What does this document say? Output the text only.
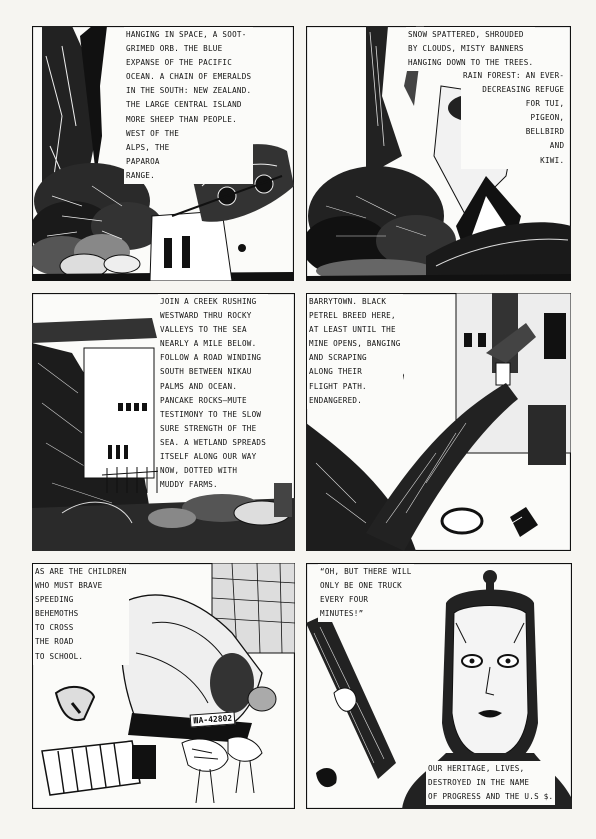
HANGING IN SPACE, A SOOT-
GRIMED ORB. THE BLUE
EXPANSE OF THE PACIFIC
OCEAN. A CHAIN OF EMERALDS
IN THE SOUTH: NEW ZEALAND.
THE LARGE CENTRAL ISLAND
MORE SHEEP THAN PEOPLE.
WEST OF THE
ALPS, THE
PAPAROA
RANGE.
SNOW SPATTERED, SHROUDED
BY CLOUDS, MISTY BANNERS
HANGING DOWN TO THE TREES.
RAIN FOREST: AN EVER-
DECREASING REFUGE
FOR TUI,
PIGEON,
BELLBIRD
AND
KIWI.
JOIN A CREEK RUSHING
WESTWARD THRU ROCKY
VALLEYS TO THE SEA
NEARLY A MILE BELOW.
FOLLOW A ROAD WINDING
SOUTH BETWEEN NIKAU
PALMS AND OCEAN.
PANCAKE ROCKS—MUTE
TESTIMONY TO THE SLOW
SURE STRENGTH OF THE
SEA. A WETLAND SPREADS
ITSELF ALONG OUR WAY
NOW, DOTTED WITH
MUDDY FARMS.
BARRYTOWN. BLACK
PETREL BREED HERE,
AT LEAST UNTIL THE
MINE OPENS, BANGING
AND SCRAPING
ALONG THEIR
FLIGHT PATH.
ENDANGERED.
AS ARE THE CHILDREN
WHO MUST BRAVE
SPEEDING
BEHEMOTHS
TO CROSS
THE ROAD
TO SCHOOL.
ⅢA-42802
“OH, BUT THERE WILL
ONLY BE ONE TRUCK
EVERY FOUR
MINUTES!”
OUR HERITAGE, LIVES,
DESTROYED IN THE NAME
OF PROGRESS AND THE U.S $.
